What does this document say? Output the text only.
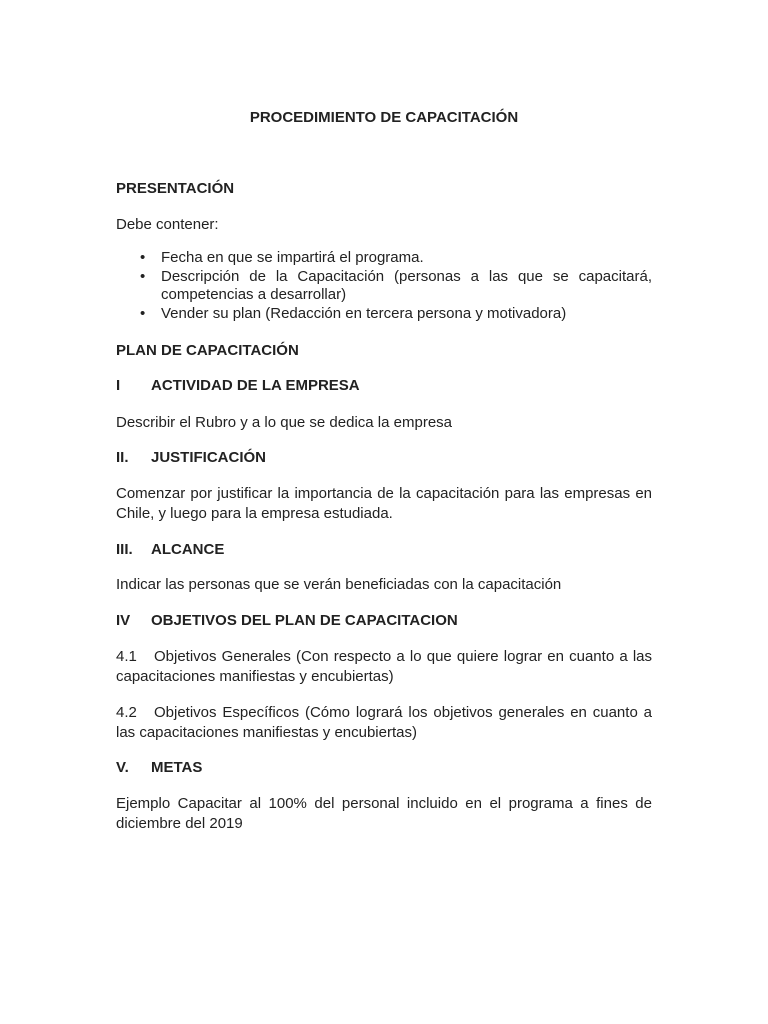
PROCEDIMIENTO DE CAPACITACIÓN

PRESENTACIÓN

Debe contener:

• Fecha en que se impartirá el programa.
• Descripción de la Capacitación (personas a las que se capacitará, competencias a desarrollar)
• Vender su plan (Redacción en tercera persona y motivadora)

PLAN DE CAPACITACIÓN

I ACTIVIDAD DE LA EMPRESA

Describir el Rubro y a lo que se dedica la empresa

II. JUSTIFICACIÓN

Comenzar por justificar la importancia de la capacitación para las empresas en Chile, y luego para la empresa estudiada.

III. ALCANCE

Indicar las personas que se verán beneficiadas con la capacitación

IV OBJETIVOS DEL PLAN DE CAPACITACION

4.1 Objetivos Generales (Con respecto a lo que quiere lograr en cuanto a las capacitaciones manifiestas y encubiertas)

4.2 Objetivos Específicos (Cómo logrará los objetivos generales en cuanto a las capacitaciones manifiestas y encubiertas)

V. METAS

Ejemplo Capacitar al 100% del personal incluido en el programa a fines de diciembre del 2019
